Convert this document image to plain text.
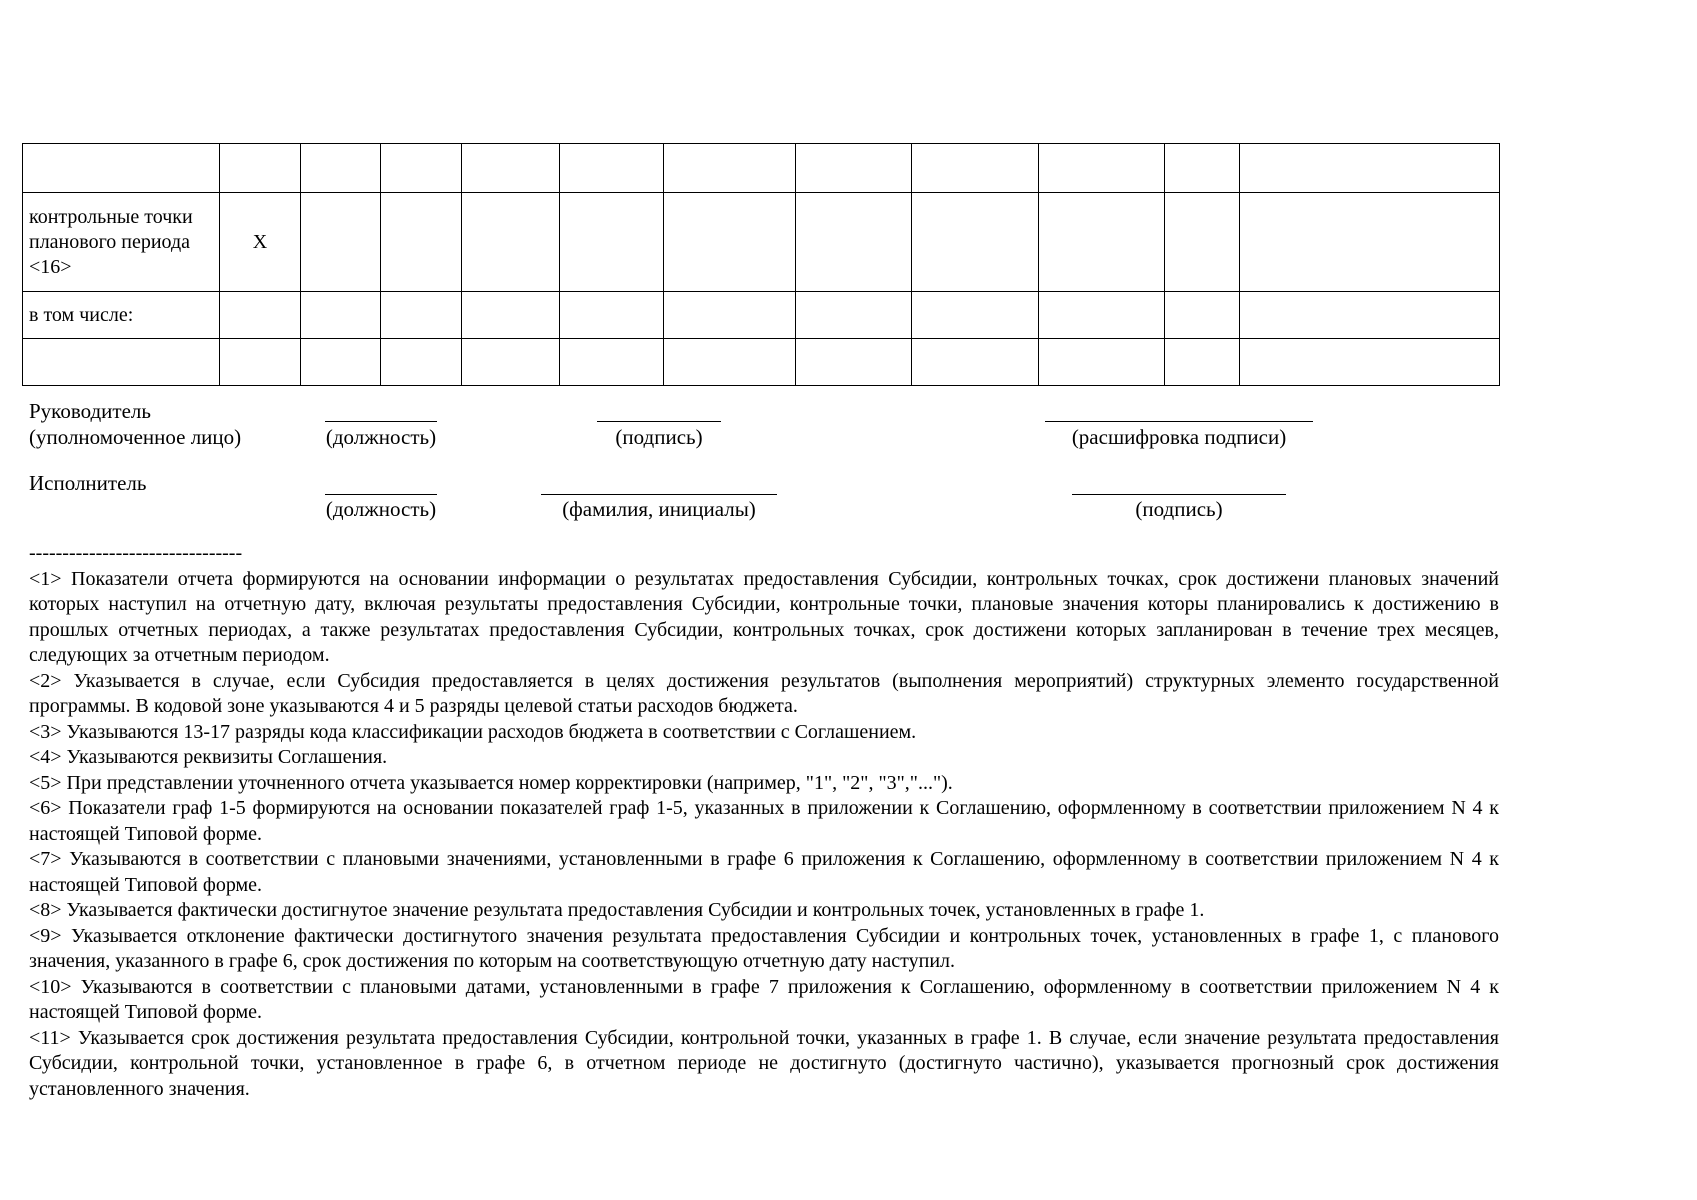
контрольные точки планового периода <16>	X										
в том числе:											

Руководитель
(уполномоченное лицо)	(должность)	(подпись)	(расшифровка подписи)
Исполнитель
(должность)	(фамилия, инициалы)	(подпись)

--------------------------------

<1> Показатели отчета формируются на основании информации о результатах предоставления Субсидии, контрольных точках, срок достижени плановых значений которых наступил на отчетную дату, включая результаты предоставления Субсидии, контрольные точки, плановые значения которы планировались к достижению в прошлых отчетных периодах, а также результатах предоставления Субсидии, контрольных точках, срок достижени которых запланирован в течение трех месяцев, следующих за отчетным периодом.

<2> Указывается в случае, если Субсидия предоставляется в целях достижения результатов (выполнения мероприятий) структурных элементо государственной программы. В кодовой зоне указываются 4 и 5 разряды целевой статьи расходов бюджета.

<3> Указываются 13-17 разряды кода классификации расходов бюджета в соответствии с Соглашением.

<4> Указываются реквизиты Соглашения.

<5> При представлении уточненного отчета указывается номер корректировки (например, "1", "2", "3","...").

<6> Показатели граф 1-5 формируются на основании показателей граф 1-5, указанных в приложении к Соглашению, оформленному в соответствии приложением N 4 к настоящей Типовой форме.

<7> Указываются в соответствии с плановыми значениями, установленными в графе 6 приложения к Соглашению, оформленному в соответствии приложением N 4 к настоящей Типовой форме.

<8> Указывается фактически достигнутое значение результата предоставления Субсидии и контрольных точек, установленных в графе 1.

<9> Указывается отклонение фактически достигнутого значения результата предоставления Субсидии и контрольных точек, установленных в графе 1, с планового значения, указанного в графе 6, срок достижения по которым на соответствующую отчетную дату наступил.

<10> Указываются в соответствии с плановыми датами, установленными в графе 7 приложения к Соглашению, оформленному в соответствии приложением N 4 к настоящей Типовой форме.

<11> Указывается срок достижения результата предоставления Субсидии, контрольной точки, указанных в графе 1. В случае, если значение результата предоставления Субсидии, контрольной точки, установленное в графе 6, в отчетном периоде не достигнуто (достигнуто частично), указывается прогнозный срок достижения установленного значения.
